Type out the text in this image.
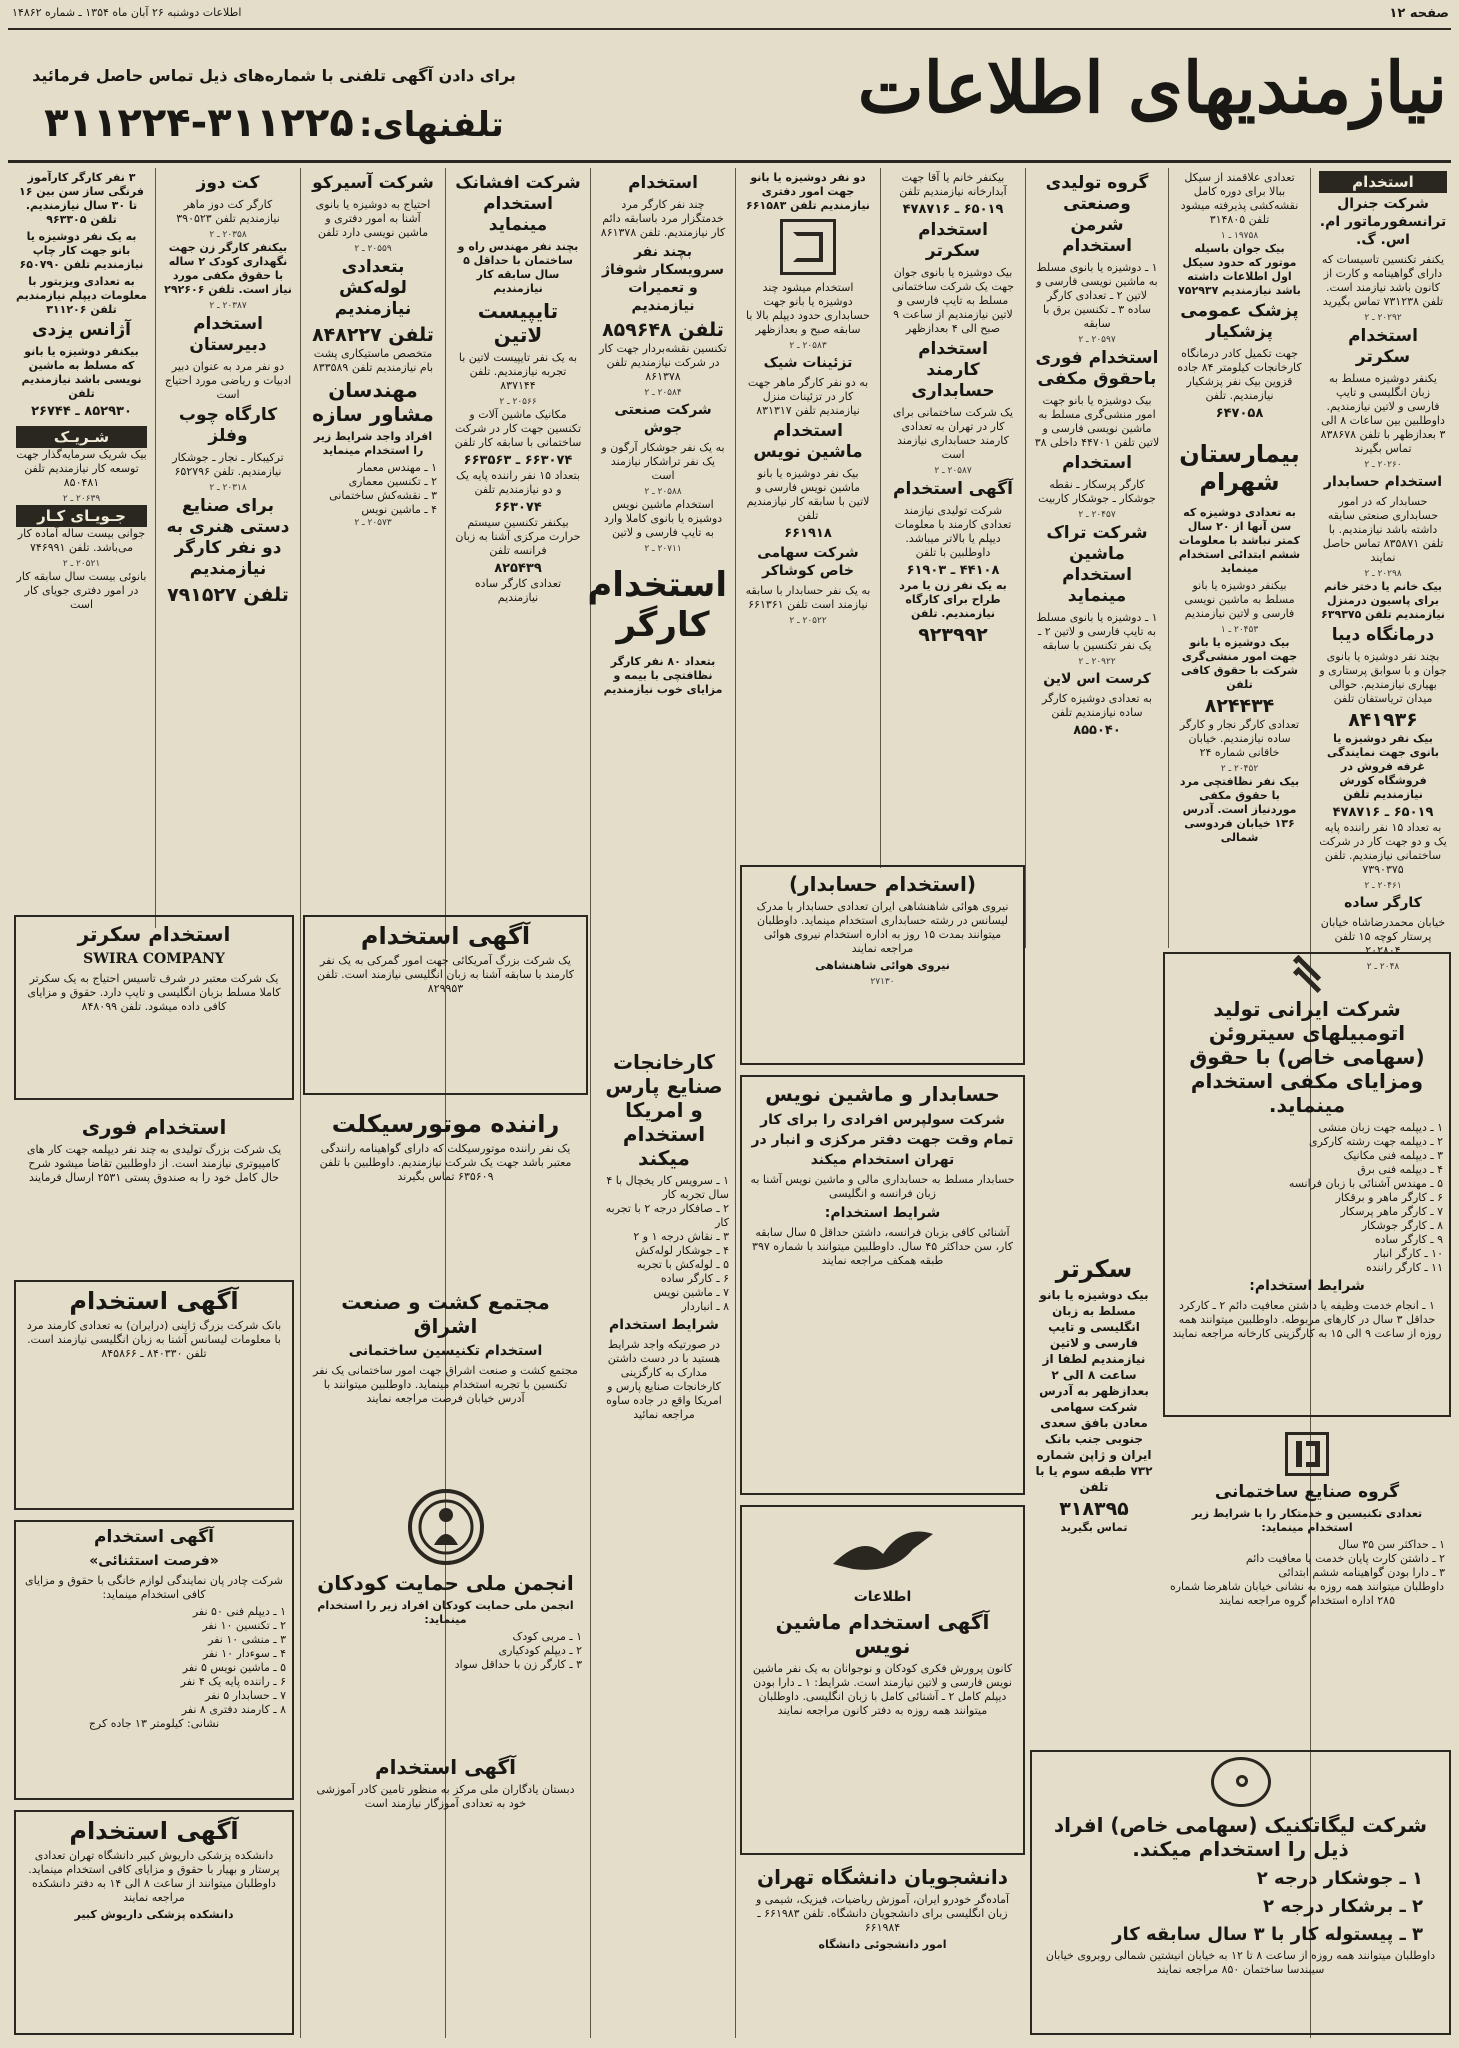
صفحه ۱۲
اطلاعات دوشنبه ۲۶ آبان ماه ۱۳۵۴ ـ شماره ۱۴۸۶۲
نیازمندیهای اطلاعات
برای دادن آگهی تلفنی با شماره‌های ذیل تماس حاصل فرمائید
تلفنهای: ۳۱۱۲۲۵-۳۱۱۲۲۴
استخدام
شرکت جنرال ترانسفورماتور ام. اس. گ.

یکنفر تکنسین تاسیسات که دارای گواهینامه و کارت از کانون باشد نیازمند است. تلفن ۷۳۱۲۳۸ تماس بگیرید

۲۰۲۹۲ ـ ۲
استخدام سکرتر

یکنفر دوشیزه مسلط به زبان انگلیسی و تایپ فارسی و لاتین نیازمندیم. داوطلبین بین ساعات ۸ الی ۳ بعدازظهر با تلفن ۸۳۸۶۷۸ تماس بگیرند

۲۰۲۶۰ ـ ۲
استخدام حسابدار

حسابدار که در امور حسابداری صنعتی سابقه داشته باشد نیازمندیم. با تلفن ۸۳۵۸۷۱ تماس حاصل نمایند

۲۰۲۹۸ ـ ۲

بیک خانم یا دختر خانم برای پاسیون درمنزل نیازمندیم تلفن ۶۳۹۳۷۵

درمانگاه دیبا

بچند نفر دوشیزه یا بانوی جوان و با سوابق پرستاری و بهیاری نیازمندیم. حوالی میدان تریاستفان تلفن

۸۴۱۹۳۶

بیک نفر دوشیزه یا بانوی جهت نمایندگی غرفه فروش در فروشگاه کورش نیازمندیم تلفن

۶۵۰۱۹ ـ ۴۷۸۷۱۶

به تعداد ۱۵ نفر راننده پایه یک و دو جهت کار در شرکت ساختمانی نیازمندیم. تلفن ۷۳۹۰۳۷۵

۲۰۴۶۱ ـ ۲
کارگر ساده

خیابان محمدرضاشاه خیابان پرستار کوچه ۱۵ تلفن ۲۰۲۸۰۴

۲۰۴۸ ـ ۲

تعدادی علاقمند از سیکل ببالا برای دوره کامل نقشه‌کشی پذیرفته میشود تلفن ۳۱۴۸۰۵

۱۹۷۵۸ ـ ۱

بیک جوان باسیله موتور که حدود سیکل اول اطلاعات داشته باشد نیازمندیم ۷۵۲۹۳۷

پزشک عمومی پزشکیار

جهت تکمیل کادر درمانگاه کارخانجات کیلومتر ۸۴ جاده قزوین بیک نفر پزشکیار نیازمندیم. تلفن

۶۴۷۰۵۸
بیمارستان شهرام

به تعدادی دوشیزه که سن آنها از ۲۰ سال کمتر نباشد با معلومات ششم ابتدائی استخدام مینماید

بیکنفر دوشیزه یا بانو مسلط به ماشین نویسی فارسی و لاتین نیازمندیم

۲۰۴۵۳ ـ ۱

بیک دوشیزه یا بانو جهت امور منشی‌گری شرکت با حقوق کافی تلفن

۸۲۴۴۳۴

تعدادی کارگر نجار و کارگر ساده نیازمندیم. خیابان خاقانی شماره ۲۴

۲۰۴۵۲ ـ ۲

بیک نفر نظافتچی مرد با حقوق مکفی موردنیاز است. آدرس ۱۳۶ خیابان فردوسی شمالی

گروه تولیدی وصنعتی شرمن استخدام

۱ ـ دوشیزه یا بانوی مسلط به ماشین نویسی فارسی و لاتین ۲ ـ تعدادی کارگر ساده ۳ ـ تکنسین برق با سابقه

۲۰۵۹۷ ـ ۲
استخدام فوری باحقوق مکفی

بیک دوشیزه یا بانو جهت امور منشی‌گری مسلط به ماشین نویسی فارسی و لاتین تلفن ۴۴۷۰۱ داخلی ۳۸

استخدام

کارگر پرسکار ـ نقطه جوشکار ـ جوشکار کاربیت

۲۰۴۵۷ ـ ۲
شرکت تراک ماشین استخدام مینماید

۱ ـ دوشیزه یا بانوی مسلط به تایپ فارسی و لاتین ۲ ـ یک نفر تکنسین با سابقه

۲۰۹۲۲ ـ ۲
کرست اس لاین

به تعدادی دوشیزه کارگر ساده نیازمندیم تلفن

۸۵۵۰۴۰

بیکنفر خانم یا آقا جهت آبدارخانه نیازمندیم تلفن

۶۵۰۱۹ ـ ۴۷۸۷۱۶
استخدام سکرتر

بیک دوشیزه یا بانوی جوان جهت یک شرکت ساختمانی مسلط به تایپ فارسی و لاتین نیازمندیم از ساعت ۹ صبح الی ۴ بعدازظهر

استخدام کارمند حسابداری

یک شرکت ساختمانی برای کار در تهران به تعدادی کارمند حسابداری نیازمند است

۲۰۵۸۷ ـ ۲
آگهی استخدام

شرکت تولیدی نیازمند تعدادی کارمند با معلومات دیپلم یا بالاتر میباشد. داوطلبین با تلفن

۴۴۱۰۸ ـ ۶۱۹۰۳

به یک نفر زن یا مرد طراح برای کارگاه نیازمندیم. تلفن

۹۲۳۹۹۲

دو نفر دوشیزه یا بانو جهت امور دفتری نیازمندیم تلفن ۶۶۱۵۸۳

استخدام میشود چند دوشیزه یا بانو جهت حسابداری حدود دیپلم بالا با سابقه صبح و بعدازظهر

۲۰۵۸۳ ـ ۲
تزئینات شیک

به دو نفر کارگر ماهر جهت کار در تزئینات منزل نیازمندیم تلفن ۸۳۱۳۱۷

استخدام ماشین نویس

بیک نفر دوشیزه یا بانو ماشین نویس فارسی و لاتین با سابقه کار نیازمندیم تلفن

۶۶۱۹۱۸
شرکت سهامی خاص کوشاکر

به یک نفر حسابدار با سابقه نیازمند است تلفن ۶۶۱۳۶۱

۲۰۵۲۲ ـ ۲
استخدام

چند نفر کارگر مرد خدمتگزار مرد باسابقه دائم کار نیازمندیم. تلفن ۸۶۱۳۷۸

بچند نفر سرویسکار شوفاژ و تعمیرات نیازمندیم
تلفن ۸۵۹۶۴۸

تکنسین نقشه‌بردار جهت کار در شرکت نیازمندیم تلفن ۸۶۱۳۷۸

۲۰۵۸۴ ـ ۲
شرکت صنعتی جوش

به یک نفر جوشکار آرگون و یک نفر تراشکار نیازمند است

۲۰۵۸۸ ـ ۲

استخدام ماشین نویس دوشیزه یا بانوی کاملا وارد به تایپ فارسی و لاتین

۲۰۷۱۱ ـ ۲
استخدام کارگر

بتعداد ۸۰ نفر کارگر نظافتچی با بیمه و مزایای خوب نیازمندیم

شرکت افشانک استخدام مینماید

بچند نفر مهندس راه و ساختمان با حداقل ۵ سال سابقه کار نیازمندیم

تایپیست لاتین

به یک نفر تایپیست لاتین با تجربه نیازمندیم. تلفن ۸۳۷۱۴۴

۲۰۵۶۶ ـ ۲

مکانیک ماشین آلات و تکنسین جهت کار در شرکت ساختمانی با سابقه کار تلفن

۶۶۳۰۷۴ ـ ۶۶۳۵۶۳

بتعداد ۱۵ نفر راننده پایه یک و دو نیازمندیم تلفن

۶۶۳۰۷۴

بیکنفر تکنسین سیستم حرارت مرکزی آشنا به زبان فرانسه تلفن

۸۲۵۴۳۹

تعدادی کارگر ساده نیازمندیم

شرکت آسیرکو

احتیاج به دوشیزه یا بانوی آشنا به امور دفتری و ماشین نویسی دارد تلفن

۲۰۵۵۹ ـ ۲
بتعدادی لوله‌کش نیازمندیم
تلفن ۸۴۸۲۲۷

متخصص ماستیکاری پشت بام نیازمندیم تلفن ۸۳۳۵۸۹

مهندسان مشاور سازه

افراد واجد شرایط زیر را استخدام مینماید

۱ ـ مهندس معمار
۲ ـ تکنسین معماری
۳ ـ نقشه‌کش ساختمانی
۴ ـ ماشین نویس
۲۰۵۷۳ ـ ۲
کت دوز

کارگر کت دوز ماهر نیازمندیم تلفن ۳۹۰۵۲۳

۲۰۳۵۸ ـ ۲

بیکنفر کارگر زن جهت نگهداری کودک ۲ ساله با حقوق مکفی مورد نیاز است. تلفن ۲۹۲۶۰۶

۲۰۳۸۷ ـ ۲
استخدام دبیرستان

دو نفر مرد به عنوان دبیر ادبیات و ریاضی مورد احتیاج است

کارگاه چوب وفلز

ترکیبکار ـ نجار ـ جوشکار نیازمندیم. تلفن ۶۵۲۷۹۶

۲۰۳۱۸ ـ ۲
برای صنایع دستی هنری به دو نفر کارگر نیازمندیم
تلفن ۷۹۱۵۲۷

۳ نفر کارگر کارآموز فرنگی ساز سن بین ۱۶ تا ۳۰ سال نیازمندیم. تلفن ۹۶۳۳۰۵

به یک نفر دوشیزه یا بانو جهت کار چاپ نیازمندیم تلفن ۶۵۰۷۹۰

به تعدادی ویزیتور با معلومات دیپلم نیازمندیم تلفن ۳۱۱۲۰۶

آژانس یزدی

بیکنفر دوشیزه یا بانو که مسلط به ماشین نویسی باشد نیازمندیم تلفن

۸۵۲۹۳۰ ـ ۲۶۷۴۴
شـریـک

بیک شریک سرمایه‌گذار جهت توسعه کار نیازمندیم تلفن ۸۵۰۴۸۱

۲۰۶۳۹ ـ ۲
جـویـای کـار

جوانی بیست ساله آماده کار می‌باشد. تلفن ۷۴۶۹۹۱

۲۰۵۲۱ ـ ۲

بانوئی بیست سال سابقه کار در امور دفتری جویای کار است

(استخدام حسابدار)

نیروی هوائی شاهنشاهی ایران تعدادی حسابدار با مدرک لیسانس در رشته حسابداری استخدام مینماید. داوطلبان میتوانند بمدت ۱۵ روز به اداره استخدام نیروی هوائی مراجعه نمایند

نیروی هوائی شاهنشاهی

۲۷۱۳۰
شرکت ایرانی تولید اتومبیلهای سیتروئن (سهامی خاص) با حقوق ومزایای مکفی استخدام مینماید.
۱ ـ دیپلمه جهت زبان منشی
۲ ـ دیپلمه جهت رشته کارکری
۳ ـ دیپلمه فنی مکانیک
۴ ـ دیپلمه فنی برق
۵ ـ مهندس آشنائی با زبان فرانسه
۶ ـ کارگر ماهر و برقکار
۷ ـ کارگر ماهر پرسکار
۸ ـ کارگر جوشکار
۹ ـ کارگر ساده
۱۰ ـ کارگر انبار
۱۱ ـ کارگر راننده
شرایط استخدام:

۱ ـ انجام خدمت وظیفه یا داشتن معافیت دائم ۲ ـ کارکرد حداقل ۳ سال در کارهای مربوطه. داوطلبین میتوانند همه روزه از ساعت ۹ الی ۱۵ به کارگزینی کارخانه مراجعه نمایند

سکرتر

بیک دوشیزه یا بانو مسلط به زبان انگلیسی و تایپ فارسی و لاتین نیازمندیم لطفا از ساعت ۸ الی ۲ بعدازظهر به آدرس شرکت سهامی معادن بافق سعدی جنوبی جنب بانک ایران و ژاپن شماره ۷۳۲ طبقه سوم یا با تلفن

۳۱۸۳۹۵

تماس بگیرید

گروه صنایع ساختمانی

تعدادی تکنیسین و خدمتکار را با شرایط زیر استخدام مینماید:

۱ ـ حداکثر سن ۳۵ سال
۲ ـ داشتن کارت پایان خدمت یا معافیت دائم
۳ ـ دارا بودن گواهینامه ششم ابتدائی

داوطلبان میتوانند همه روزه به نشانی خیابان شاهرضا شماره ۲۸۵ اداره استخدام گروه مراجعه نمایند

شرکت لیگاتکنیک (سهامی خاص) افراد ذیل را استخدام میکند.
۱ ـ جوشکار درجه ۲
۲ ـ برشکار درجه ۲
۳ ـ پیستوله کار با ۳ سال سابقه کار

داوطلبان میتوانند همه روزه از ساعت ۸ تا ۱۲ به خیابان انیشتین شمالی روبروی خیابان سیبندسا ساختمان ۸۵۰ مراجعه نمایند

حسابدار و ماشین نویس

شرکت سولپرس افرادی را برای کار تمام وقت جهت دفتر مرکزی و انبار در تهران استخدام میکند

حسابدار مسلط به حسابداری مالی و ماشین نویس آشنا به زبان فرانسه و انگلیسی

شرایط استخدام:

آشنائی کافی بزبان فرانسه، داشتن حداقل ۵ سال سابقه کار، سن حداکثر ۴۵ سال. داوطلبین میتوانند با شماره ۳۹۷ طبقه همکف مراجعه نمایند

اطلاعات
آگهی استخدام ماشین نویس

کانون پرورش فکری کودکان و نوجوانان به یک نفر ماشین نویس فارسی و لاتین نیازمند است. شرایط: ۱ ـ دارا بودن دیپلم کامل ۲ ـ آشنائی کامل با زبان انگلیسی. داوطلبان میتوانند همه روزه به دفتر کانون مراجعه نمایند

دانشجویان دانشگاه تهران

آماده‌گر خودرو ایران، آموزش ریاضیات، فیزیک، شیمی و زبان انگلیسی برای دانشجویان دانشگاه. تلفن ۶۶۱۹۸۳ ـ ۶۶۱۹۸۴

امور دانشجوئی دانشگاه

کارخانجات صنایع پارس و امریکا استخدام میکند
۱ ـ سرویس کار یخچال با ۴ سال تجربه کار
۲ ـ صافکار درجه ۲ با تجربه کار
۳ ـ نقاش درجه ۱ و ۲
۴ ـ جوشکار لوله‌کش
۵ ـ لوله‌کش با تجربه
۶ ـ کارگر ساده
۷ ـ ماشین نویس
۸ ـ انباردار
شرایط استخدام

در صورتیکه واجد شرایط هستید با در دست داشتن مدارک به کارگزینی کارخانجات صنایع پارس و امریکا واقع در جاده ساوه مراجعه نمائید

مجتمع کشت و صنعت اشراق
استخدام تکنیسین ساختمانی

مجتمع کشت و صنعت اشراق جهت امور ساختمانی یک نفر تکنسین با تجربه استخدام مینماید. داوطلبین میتوانند با آدرس خیابان فرصت مراجعه نمایند

انجمن ملی حمایت کودکان

انجمن ملی حمایت کودکان افراد زیر را استخدام مینماید:

۱ ـ مربی کودک
۲ ـ دیپلم کودکیاری
۳ ـ کارگر زن با حداقل سواد
آگهی استخدام

دبستان یادگاران ملی مرکز به منظور تامین کادر آموزشی خود به تعدادی آموزگار نیازمند است

آگهی استخدام

یک شرکت بزرگ آمریکائی جهت امور گمرکی به یک نفر کارمند با سابقه آشنا به زبان انگلیسی نیازمند است. تلفن ۸۲۹۹۵۳

راننده موتورسیکلت

یک نفر راننده موتورسیکلت که دارای گواهینامه رانندگی معتبر باشد جهت یک شرکت نیازمندیم. داوطلبین با تلفن ۶۳۵۶۰۹ تماس بگیرند

استخدام سکرتر
SWIRA COMPANY

یک شرکت معتبر در شرف تاسیس احتیاج به یک سکرتر کاملا مسلط بزبان انگلیسی و تایپ دارد. حقوق و مزایای کافی داده میشود. تلفن ۸۴۸۰۹۹

استخدام فوری

یک شرکت بزرگ تولیدی به چند نفر دیپلمه جهت کار های کامپیوتری نیازمند است. از داوطلبین تقاضا میشود شرح حال کامل خود را به صندوق پستی ۲۵۳۱ ارسال فرمایند

آگهی استخدام

بانک شرکت بزرگ ژاپنی (درایران) به تعدادی کارمند مرد با معلومات لیسانس آشنا به زبان انگلیسی نیازمند است. تلفن ۸۴۰۳۳۰ ـ ۸۴۵۸۶۶

آگهی استخدام
«فرصت استثنائی»

شرکت چادر پان نمایندگی لوازم خانگی با حقوق و مزایای کافی استخدام مینماید:

۱ ـ دیپلم فنی ۵۰ نفر
۲ ـ تکنسین ۱۰ نفر
۳ ـ منشی ۱۰ نفر
۴ ـ سوءدار ۱۰ نفر
۵ ـ ماشین نویس ۵ نفر
۶ ـ راننده پایه یک ۴ نفر
۷ ـ حسابدار ۵ نفر
۸ ـ کارمند دفتری ۸ نفر

نشانی: کیلومتر ۱۳ جاده کرج

آگهی استخدام

دانشکده پزشکی داریوش کبیر دانشگاه تهران تعدادی پرستار و بهیار با حقوق و مزایای کافی استخدام مینماید. داوطلبان میتوانند از ساعت ۸ الی ۱۴ به دفتر دانشکده مراجعه نمایند

دانشکده پزشکی داریوش کبیر
